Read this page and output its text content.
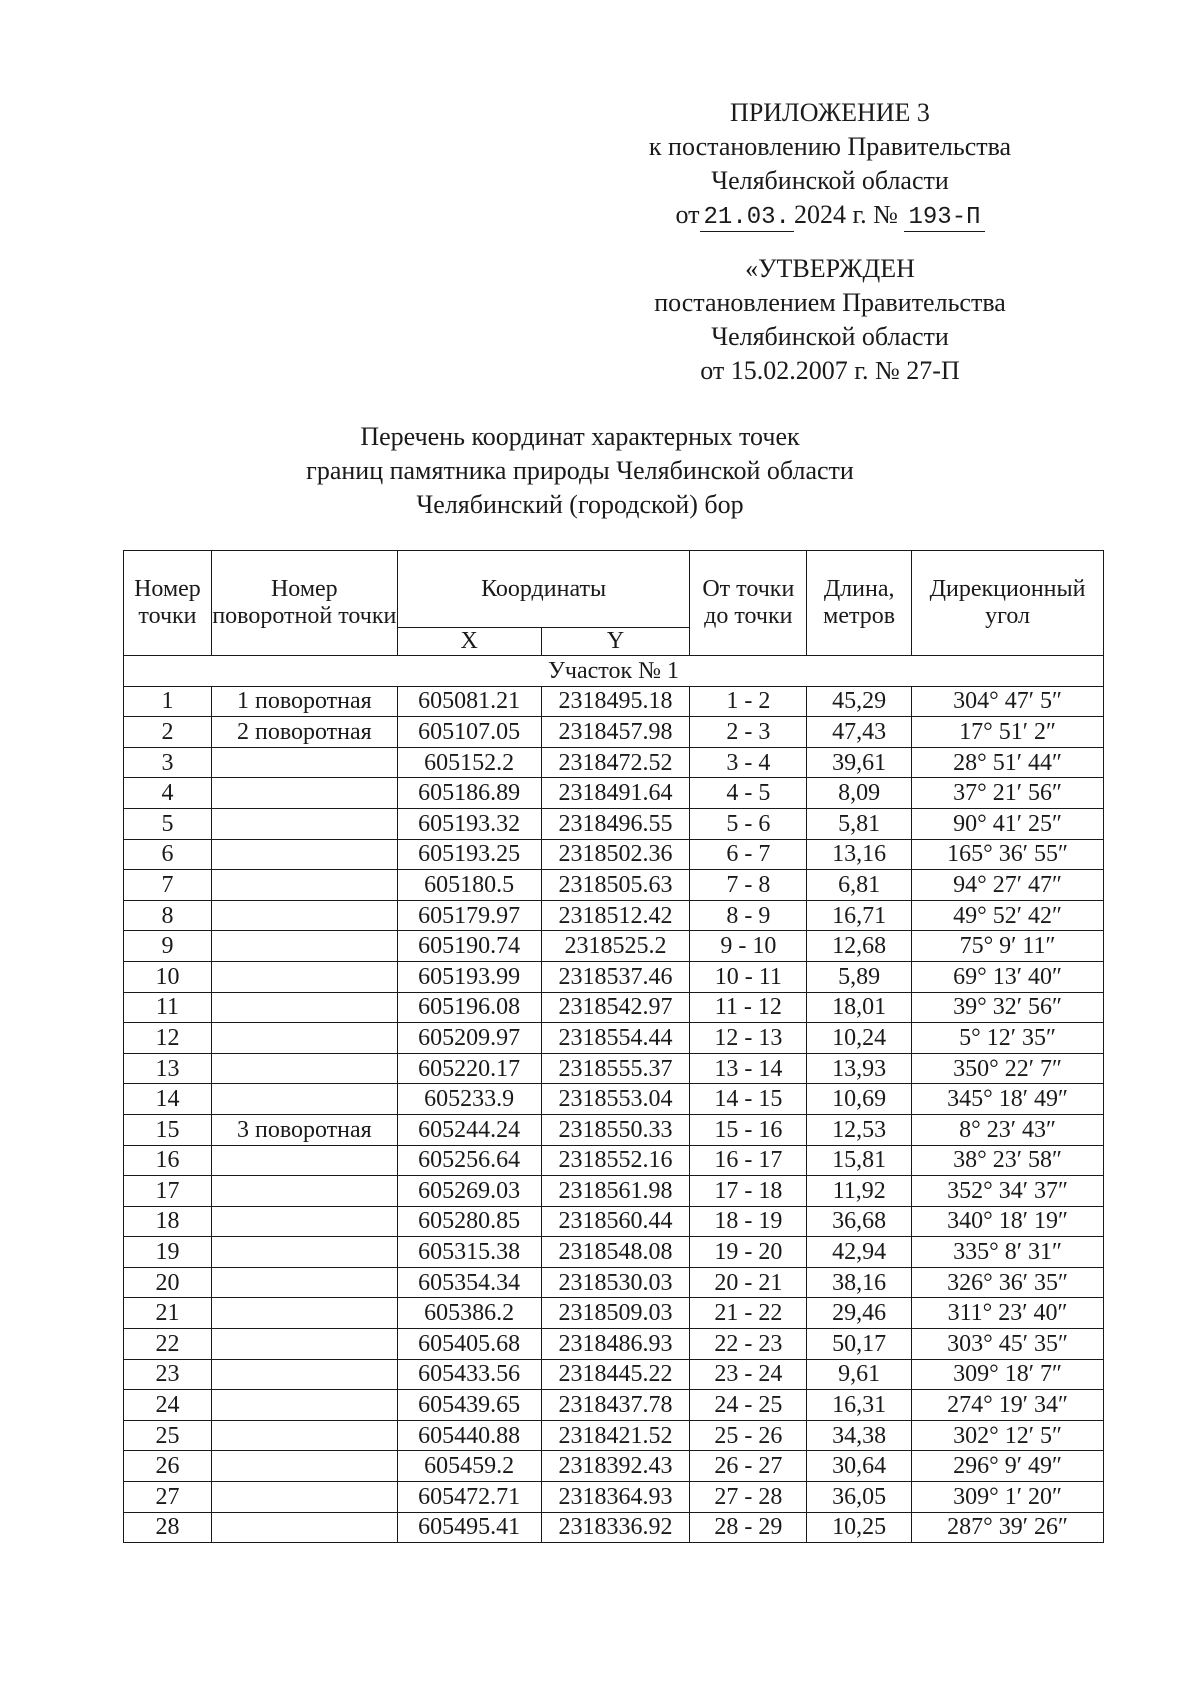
ПРИЛОЖЕНИЕ 3
к постановлению Правительства
Челябинской области
от 21.03. 2024 г. № 193-П
«УТВЕРЖДЕН
постановлением Правительства
Челябинской области
от 15.02.2007 г. № 27-П
Перечень координат характерных точек
границ памятника природы Челябинской области
Челябинский (городской) бор
Номер точки	Номер поворотной точки	Координаты		От точки до точки	Длина, метров	Дирекционный угол
		X	Y			
Участок № 1						
1	1 поворотная	605081.21	2318495.18	1 - 2	45,29	304° 47′ 5″
2	2 поворотная	605107.05	2318457.98	2 - 3	47,43	17° 51′ 2″
3		605152.2	2318472.52	3 - 4	39,61	28° 51′ 44″
4		605186.89	2318491.64	4 - 5	8,09	37° 21′ 56″
5		605193.32	2318496.55	5 - 6	5,81	90° 41′ 25″
6		605193.25	2318502.36	6 - 7	13,16	165° 36′ 55″
7		605180.5	2318505.63	7 - 8	6,81	94° 27′ 47″
8		605179.97	2318512.42	8 - 9	16,71	49° 52′ 42″
9		605190.74	2318525.2	9 - 10	12,68	75° 9′ 11″
10		605193.99	2318537.46	10 - 11	5,89	69° 13′ 40″
11		605196.08	2318542.97	11 - 12	18,01	39° 32′ 56″
12		605209.97	2318554.44	12 - 13	10,24	5° 12′ 35″
13		605220.17	2318555.37	13 - 14	13,93	350° 22′ 7″
14		605233.9	2318553.04	14 - 15	10,69	345° 18′ 49″
15	3 поворотная	605244.24	2318550.33	15 - 16	12,53	8° 23′ 43″
16		605256.64	2318552.16	16 - 17	15,81	38° 23′ 58″
17		605269.03	2318561.98	17 - 18	11,92	352° 34′ 37″
18		605280.85	2318560.44	18 - 19	36,68	340° 18′ 19″
19		605315.38	2318548.08	19 - 20	42,94	335° 8′ 31″
20		605354.34	2318530.03	20 - 21	38,16	326° 36′ 35″
21		605386.2	2318509.03	21 - 22	29,46	311° 23′ 40″
22		605405.68	2318486.93	22 - 23	50,17	303° 45′ 35″
23		605433.56	2318445.22	23 - 24	9,61	309° 18′ 7″
24		605439.65	2318437.78	24 - 25	16,31	274° 19′ 34″
25		605440.88	2318421.52	25 - 26	34,38	302° 12′ 5″
26		605459.2	2318392.43	26 - 27	30,64	296° 9′ 49″
27		605472.71	2318364.93	27 - 28	36,05	309° 1′ 20″
28		605495.41	2318336.92	28 - 29	10,25	287° 39′ 26″
